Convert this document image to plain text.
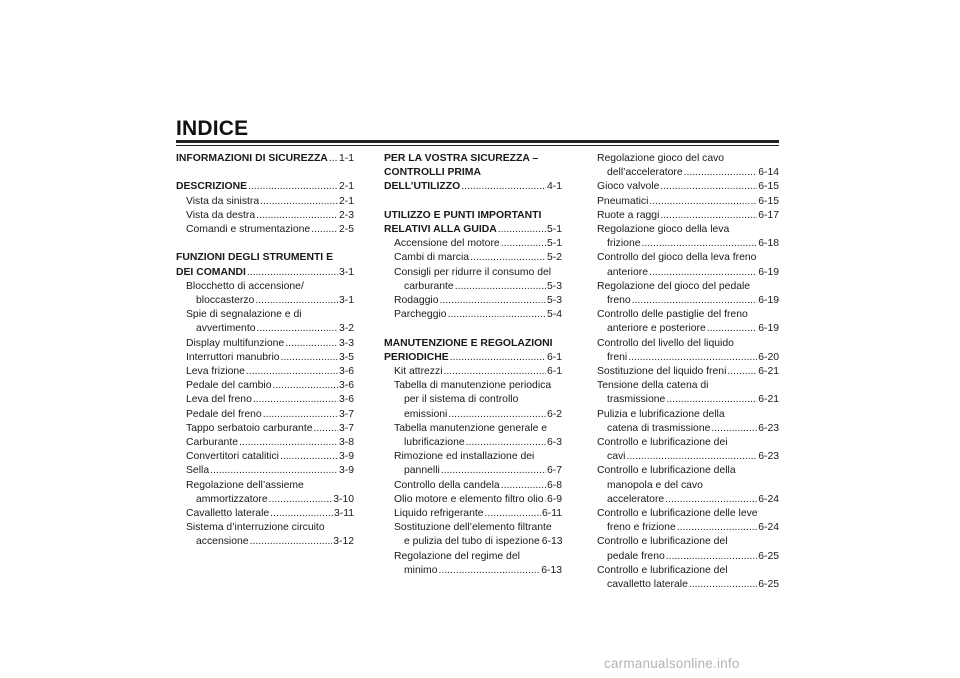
INDICE
INFORMAZIONI DI SICUREZZA ..... 1-1
DESCRIZIONE .....	2-1
Vista da sinistra .....	2-1
Vista da destra .....	2-3
Comandi e strumentazione .....	2-5
FUNZIONI DEGLI STRUMENTI E
DEI COMANDI .....	3-1
Blocchetto di accensione/
bloccasterzo .....	3-1
Spie di segnalazione e di
avvertimento .....	3-2
Display multifunzione .....	3-3
Interruttori manubrio .....	3-5
Leva frizione .....	3-6
Pedale del cambio .....	3-6
Leva del freno .....	3-6
Pedale del freno .....	3-7
Tappo serbatoio carburante .....	3-7
Carburante .....	3-8
Convertitori catalitici .....	3-9
Sella .....	3-9
Regolazione dell’assieme
ammortizzatore .....	3-10
Cavalletto laterale .....	3-11
Sistema d’interruzione circuito
accensione .....	3-12
PER LA VOSTRA SICUREZZA –
CONTROLLI PRIMA
DELL’UTILIZZO .....	4-1
UTILIZZO E PUNTI IMPORTANTI
RELATIVI ALLA GUIDA .....	5-1
Accensione del motore .....	5-1
Cambi di marcia .....	5-2
Consigli per ridurre il consumo del
carburante .....	5-3
Rodaggio .....	5-3
Parcheggio .....	5-4
MANUTENZIONE E REGOLAZIONI
PERIODICHE .....	6-1
Kit attrezzi .....	6-1
Tabella di manutenzione periodica
per il sistema di controllo
emissioni .....	6-2
Tabella manutenzione generale e
lubrificazione .....	6-3
Rimozione ed installazione dei
pannelli .....	6-7
Controllo della candela .....	6-8
Olio motore e elemento filtro olio ..... 6-9
Liquido refrigerante .....	6-11
Sostituzione dell’elemento filtrante
e pulizia del tubo di ispezione 6-13
Regolazione del regime del
minimo .....	6-13
Regolazione gioco del cavo
dell’acceleratore .....	6-14
Gioco valvole .....	6-15
Pneumatici .....	6-15
Ruote a raggi .....	6-17
Regolazione gioco della leva
frizione .....	6-18
Controllo del gioco della leva freno
anteriore .....	6-19
Regolazione del gioco del pedale
freno .....	6-19
Controllo delle pastiglie del freno
anteriore e posteriore .....	6-19
Controllo del livello del liquido
freni .....	6-20
Sostituzione del liquido freni .....	6-21
Tensione della catena di
trasmissione .....	6-21
Pulizia e lubrificazione della
catena di trasmissione .....	6-23
Controllo e lubrificazione dei
cavi .....	6-23
Controllo e lubrificazione della
manopola e del cavo
acceleratore .....	6-24
Controllo e lubrificazione delle leve
freno e frizione .....	6-24
Controllo e lubrificazione del
pedale freno .....	6-25
Controllo e lubrificazione del
cavalletto laterale .....	6-25
carmanualsonline.info
